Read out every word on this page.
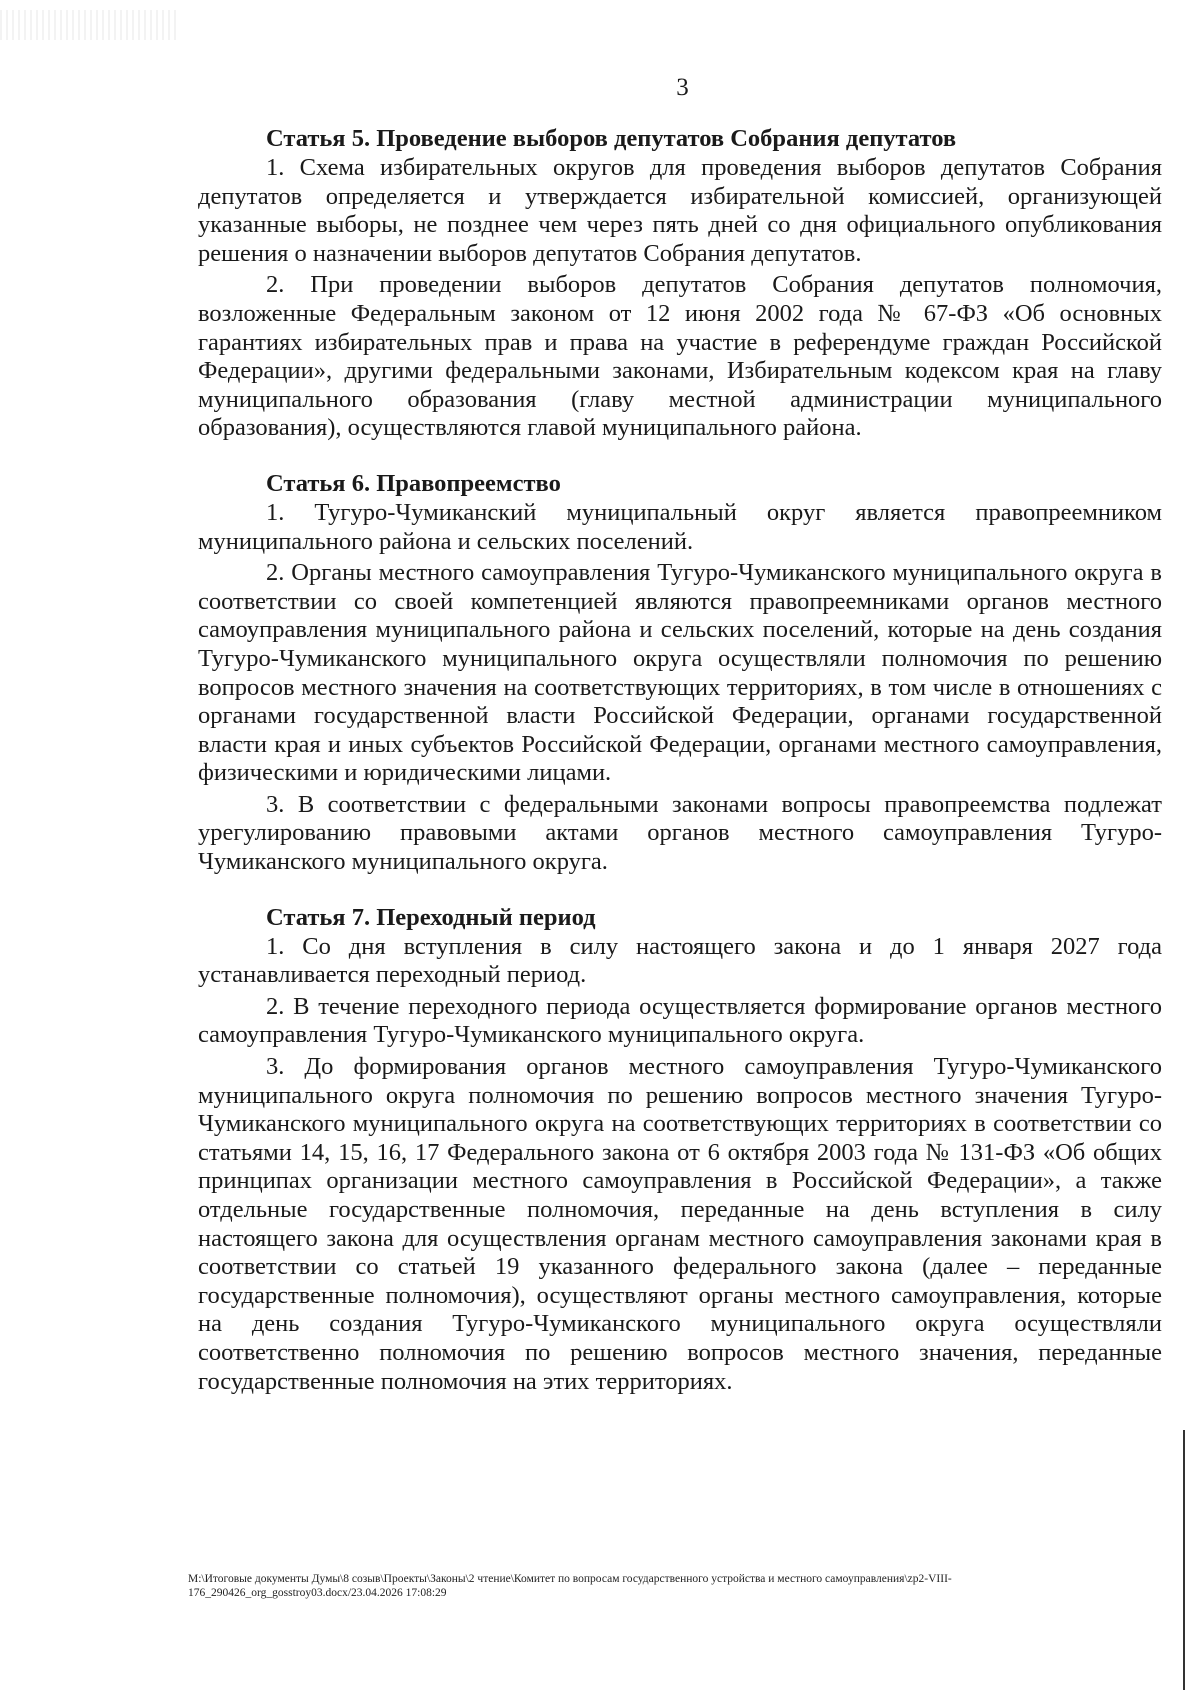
3
Статья 5. Проведение выборов депутатов Собрания депутатов

1. Схема избирательных округов для проведения выборов депутатов Собрания депутатов определяется и утверждается избирательной комиссией, организующей указанные выборы, не позднее чем через пять дней со дня официального опубликования решения о назначении выборов депутатов Собрания депутатов.

2. При проведении выборов депутатов Собрания депутатов полномочия, возложенные Федеральным законом от 12 июня 2002 года № 67-ФЗ «Об основных гарантиях избирательных прав и права на участие в референдуме граждан Российской Федерации», другими федеральными законами, Избирательным кодексом края на главу муниципального образования (главу местной администрации муниципального образования), осуществляются главой муниципального района.

Статья 6. Правопреемство

1. Тугуро-Чумиканский муниципальный округ является правопреемником муниципального района и сельских поселений.

2. Органы местного самоуправления Тугуро-Чумиканского муниципального округа в соответствии со своей компетенцией являются правопреемниками органов местного самоуправления муниципального района и сельских поселений, которые на день создания Тугуро-Чумиканского муниципального округа осуществляли полномочия по решению вопросов местного значения на соответствующих территориях, в том числе в отношениях с органами государственной власти Российской Федерации, органами государственной власти края и иных субъектов Российской Федерации, органами местного самоуправления, физическими и юридическими лицами.

3. В соответствии с федеральными законами вопросы правопреемства подлежат урегулированию правовыми актами органов местного самоуправления Тугуро-Чумиканского муниципального округа.

Статья 7. Переходный период

1. Со дня вступления в силу настоящего закона и до 1 января 2027 года устанавливается переходный период.

2. В течение переходного периода осуществляется формирование органов местного самоуправления Тугуро-Чумиканского муниципального округа.

3. До формирования органов местного самоуправления Тугуро-Чумиканского муниципального округа полномочия по решению вопросов местного значения Тугуро-Чумиканского муниципального округа на соответствующих территориях в соответствии со статьями 14, 15, 16, 17 Федерального закона от 6 октября 2003 года № 131-ФЗ «Об общих принципах организации местного самоуправления в Российской Федерации», а также отдельные государственные полномочия, переданные на день вступления в силу настоящего закона для осуществления органам местного самоуправления законами края в соответствии со статьей 19 указанного федерального закона (далее – переданные государственные полномочия), осуществляют органы местного самоуправления, которые на день создания Тугуро-Чумиканского муниципального округа осуществляли соответственно полномочия по решению вопросов местного значения, переданные государственные полномочия на этих территориях.

M:\Итоговые документы Думы\8 созыв\Проекты\Законы\2 чтение\Комитет по вопросам государственного устройства и местного самоуправления\zp2-VIII-176_290426_org_gosstroy03.docx/23.04.2026 17:08:29
